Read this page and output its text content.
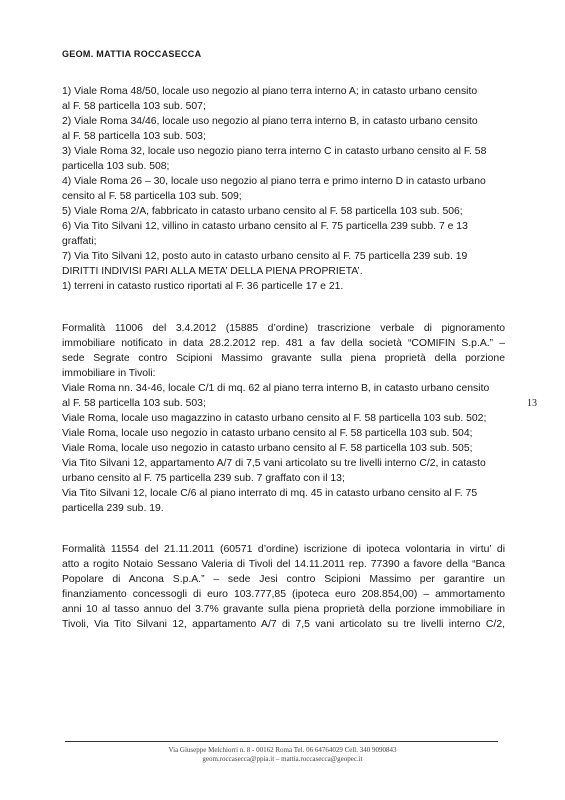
GEOM. MATTIA ROCCASECCA
13

1) Viale Roma 48/50, locale uso negozio al piano terra interno A; in catasto urbano censito
al F. 58 particella 103 sub. 507;

2) Viale Roma 34/46, locale uso negozio al piano terra interno B, in catasto urbano censito
al F. 58 particella 103 sub. 503;

3) Viale Roma 32, locale uso negozio piano terra interno C in catasto urbano censito al F. 58
particella 103 sub. 508;

4) Viale Roma 26 – 30, locale uso negozio al piano terra e primo interno D in catasto urbano
censito al F. 58 particella 103 sub. 509;

5) Viale Roma 2/A, fabbricato in catasto urbano censito al F. 58 particella 103 sub. 506;

6) Via Tito Silvani 12, villino in catasto urbano censito al F. 75 particella 239 subb. 7 e 13
graffati;

7) Via Tito Silvani 12, posto auto in catasto urbano censito al F. 75 particella 239 sub. 19

DIRITTI INDIVISI PARI ALLA META’ DELLA PIENA PROPRIETA’.

1) terreni in catasto rustico riportati al F. 36 particelle 17 e 21.

Formalità 11006 del 3.4.2012 (15885 d’ordine) trascrizione verbale di pignoramento
immobiliare notificato in data 28.2.2012 rep. 481 a fav della società “COMIFIN S.p.A.” –
sede Segrate contro Scipioni Massimo gravante sulla piena proprietà della porzione
immobiliare in Tivoli:

Viale Roma nn. 34-46, locale C/1 di mq. 62 al piano terra interno B, in catasto urbano censito
al F. 58 particella 103 sub. 503;

Viale Roma, locale uso magazzino in catasto urbano censito al F. 58 particella 103 sub. 502;

Viale Roma, locale uso negozio in catasto urbano censito al F. 58 particella 103 sub. 504;

Viale Roma, locale uso negozio in catasto urbano censito al F. 58 particella 103 sub. 505;

Via Tito Silvani 12, appartamento A/7 di 7,5 vani articolato su tre livelli interno C/2, in catasto
urbano censito al F. 75 particella 239 sub. 7 graffato con il 13;

Via Tito Silvani 12, locale C/6 al piano interrato di mq. 45 in catasto urbano censito al F. 75
particella 239 sub. 19.

Formalità 11554 del 21.11.2011 (60571 d’ordine) iscrizione di ipoteca volontaria in virtu’ di
atto a rogito Notaio Sessano Valeria di Tivoli del 14.11.2011 rep. 77390 a favore della “Banca
Popolare di Ancona S.p.A.” – sede Jesi contro Scipioni Massimo per garantire un
finanziamento concessogli di euro 103.777,85 (ipoteca euro 208.854,00) – ammortamento
anni 10 al tasso annuo del 3.7% gravante sulla piena proprietà della porzione immobiliare in
Tivoli, Via Tito Silvani 12, appartamento A/7 di 7,5 vani articolato su tre livelli interno C/2,

Via Giuseppe Melchiorri n. 8 - 00162 Roma Tel. 06 64764029 Cell. 340 9090843
geom.roccasecca@ppia.it – mattia.roccasecca@geopec.it
